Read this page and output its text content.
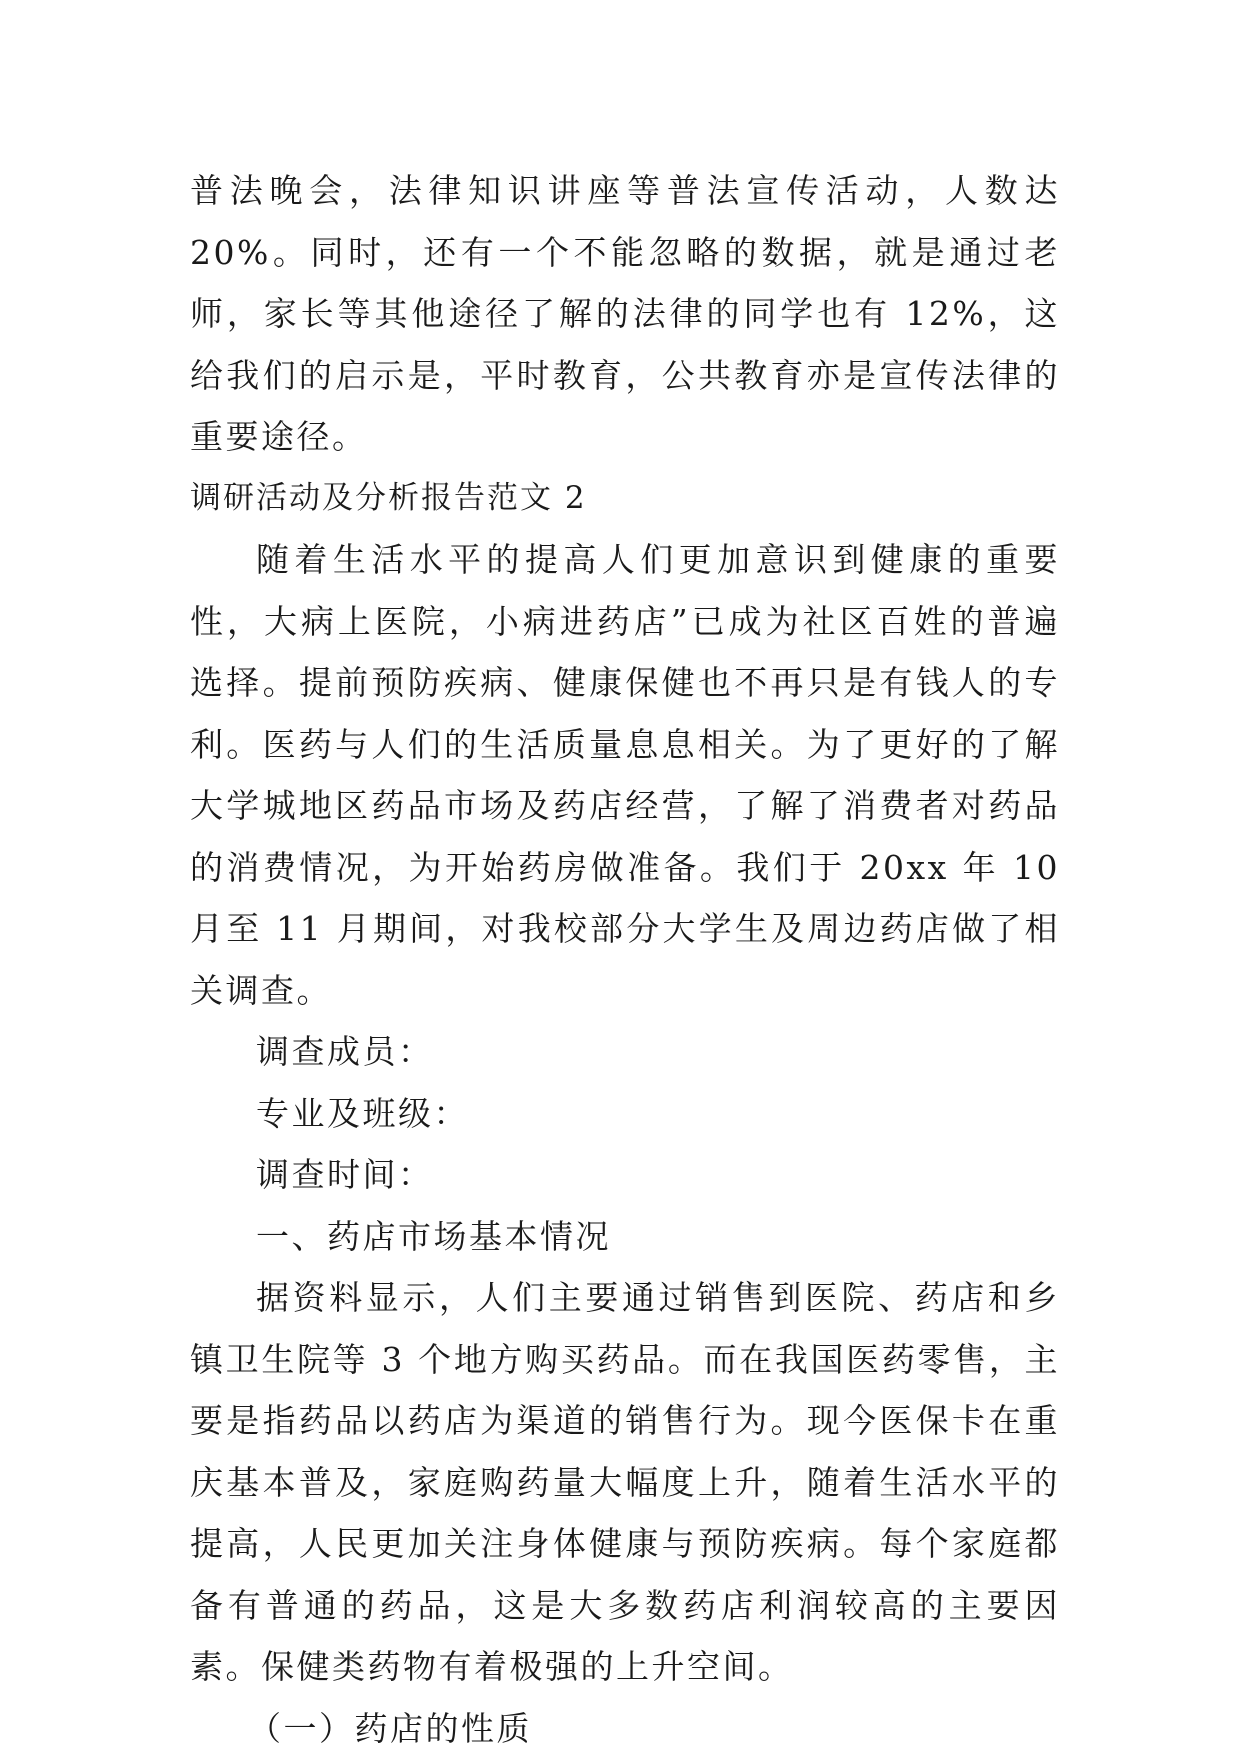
普法晚会，法律知识讲座等普法宣传活动，人数达 20%。同时，还有一个不能忽略的数据，就是通过老师，家长等其他途径了解的法律的同学也有 12%，这给我们的启示是，平时教育，公共教育亦是宣传法律的重要途径。

调研活动及分析报告范文 2

随着生活水平的提高人们更加意识到健康的重要性，大病上医院，小病进药店”已成为社区百姓的普遍选择。提前预防疾病、健康保健也不再只是有钱人的专利。医药与人们的生活质量息息相关。为了更好的了解大学城地区药品市场及药店经营，了解了消费者对药品的消费情况，为开始药房做准备。我们于 20xx 年 10 月至 11 月期间，对我校部分大学生及周边药店做了相关调查。

调查成员：

专业及班级：

调查时间：

一、药店市场基本情况

据资料显示，人们主要通过销售到医院、药店和乡镇卫生院等 3 个地方购买药品。而在我国医药零售，主要是指药品以药店为渠道的销售行为。现今医保卡在重庆基本普及，家庭购药量大幅度上升，随着生活水平的提高，人民更加关注身体健康与预防疾病。每个家庭都备有普通的药品，这是大多数药店利润较高的主要因素。保健类药物有着极强的上升空间。

（一）药店的性质
